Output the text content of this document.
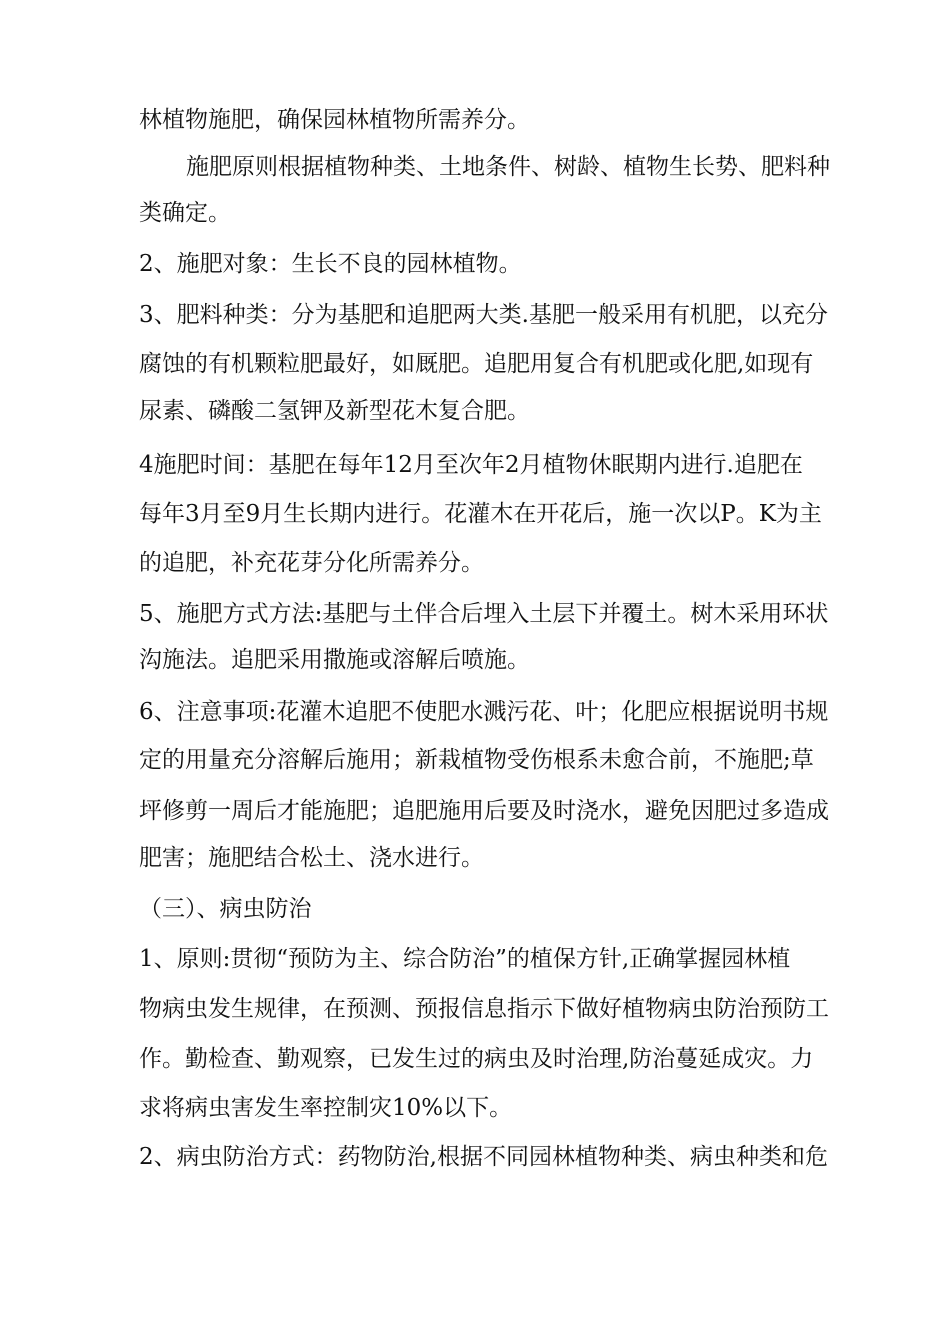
林植物施肥，确保园林植物所需养分。

施肥原则根据植物种类、土地条件、树龄、植物生长势、肥料种

类确定。

2、施肥对象：生长不良的园林植物。

3、肥料种类：分为基肥和追肥两大类.基肥一般采用有机肥，以充分

腐蚀的有机颗粒肥最好，如厩肥。追肥用复合有机肥或化肥,如现有

尿素、磷酸二氢钾及新型花木复合肥。

4施肥时间：基肥在每年12月至次年2月植物休眠期内进行.追肥在

每年3月至9月生长期内进行。花灌木在开花后，施一次以P。K为主

的追肥，补充花芽分化所需养分。

5、施肥方式方法:基肥与土伴合后埋入土层下并覆土。树木采用环状

沟施法。追肥采用撒施或溶解后喷施。

6、注意事项:花灌木追肥不使肥水溅污花、叶；化肥应根据说明书规

定的用量充分溶解后施用；新栽植物受伤根系未愈合前，不施肥;草

坪修剪一周后才能施肥；追肥施用后要及时浇水，避免因肥过多造成

肥害；施肥结合松土、浇水进行。

（三）、病虫防治

1、原则:贯彻“预防为主、综合防治”的植保方针,正确掌握园林植

物病虫发生规律，在预测、预报信息指示下做好植物病虫防治预防工

作。勤检查、勤观察，已发生过的病虫及时治理,防治蔓延成灾。力

求将病虫害发生率控制灾10%以下。

2、病虫防治方式：药物防治,根据不同园林植物种类、病虫种类和危
